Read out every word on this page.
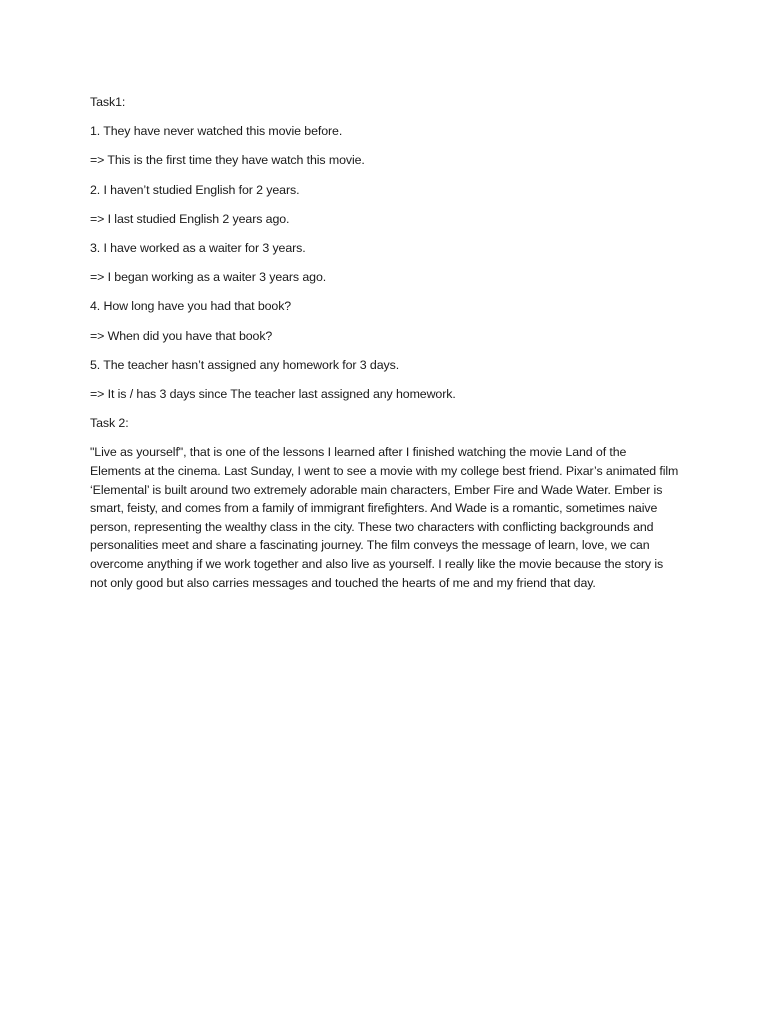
Task1:

1. They have never watched this movie before.

=> This is the first time they have watch this movie.

2. I haven’t studied English for 2 years.

=> I last studied English 2 years ago.

3. I have worked as a waiter for 3 years.

=> I began working as a waiter 3 years ago.

4. How long have you had that book?

=> When did you have that book?

5. The teacher hasn’t assigned any homework for 3 days.

=> It is / has 3 days since The teacher last assigned any homework.

Task 2:

"Live as yourself", that is one of the lessons I learned after I finished watching the movie Land of the Elements at the cinema. Last Sunday, I went to see a movie with my college best friend. Pixar’s animated film ‘Elemental’ is built around two extremely adorable main characters, Ember Fire and Wade Water. Ember is smart, feisty, and comes from a family of immigrant firefighters. And Wade is a romantic, sometimes naive person, representing the wealthy class in the city. These two characters with conflicting backgrounds and personalities meet and share a fascinating journey. The film conveys the message of learn, love, we can overcome anything if we work together and also live as yourself. I really like the movie because the story is not only good but also carries messages and touched the hearts of me and my friend that day.
